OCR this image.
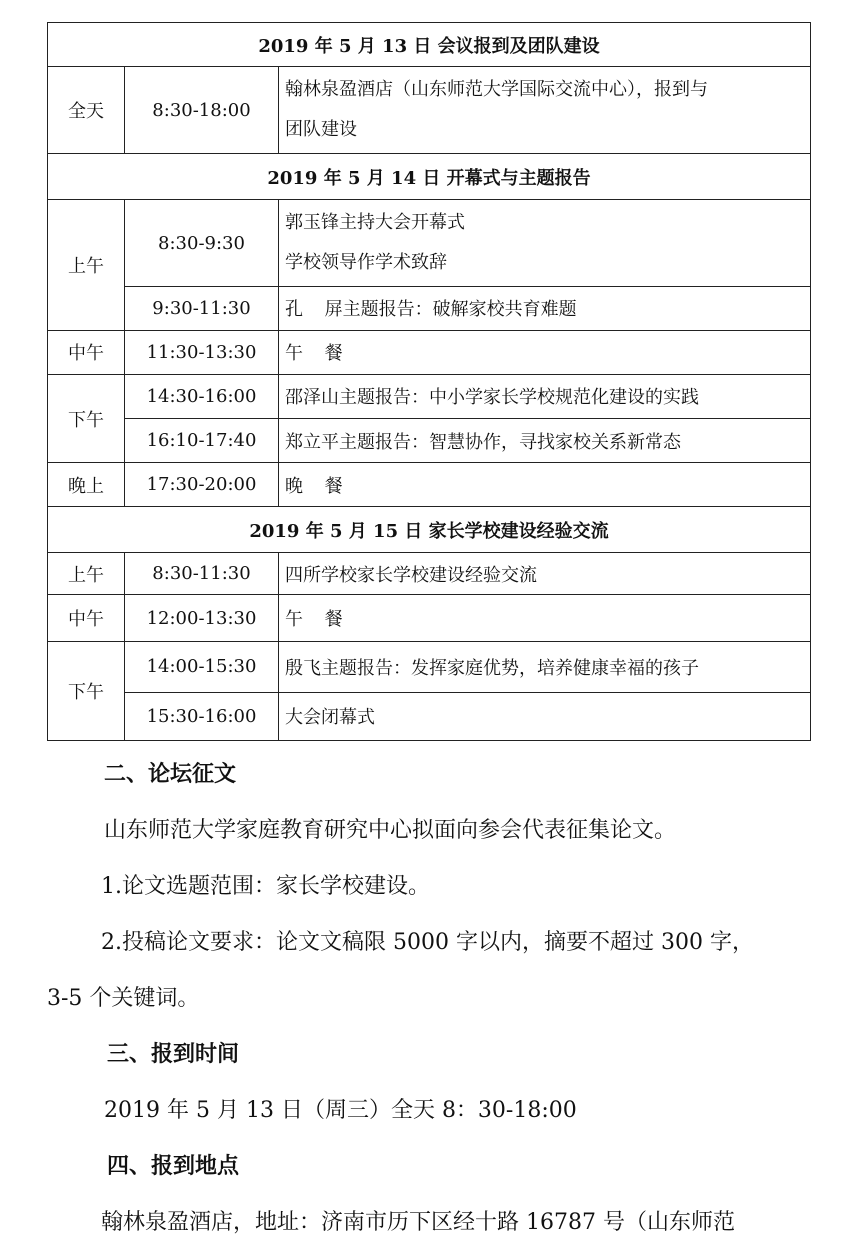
2019 年 5 月 13 日 会议报到及团队建设		
全天	8:30-18:00	翰林泉盈酒店（山东师范大学国际交流中心），报到与
团队建设

2019 年 5 月 14 日 开幕式与主题报告		
上午	8:30-9:30	郭玉锋主持大会开幕式
学校领导作学术致辞

	9:30-11:30	孔 屏主题报告：破解家校共育难题
中午	11:30-13:30	午 餐
下午	14:30-16:00	邵泽山主题报告：中小学家长学校规范化建设的实践
	16:10-17:40	郑立平主题报告：智慧协作，寻找家校关系新常态
晚上	17:30-20:00	晚 餐
2019 年 5 月 15 日 家长学校建设经验交流		
上午	8:30-11:30	四所学校家长学校建设经验交流
中午	12:00-13:30	午 餐
下午	14:00-15:30	殷飞主题报告：发挥家庭优势，培养健康幸福的孩子
	15:30-16:00	大会闭幕式
二、论坛征文
山东师范大学家庭教育研究中心拟面向参会代表征集论文。
1.论文选题范围：家长学校建设。
2.投稿论文要求：论文文稿限 5000 字以内，摘要不超过 300 字，
3-5 个关键词。
三、报到时间
2019 年 5 月 13 日（周三）全天 8：30-18:00
四、报到地点
翰林泉盈酒店，地址：济南市历下区经十路 16787 号（山东师范
